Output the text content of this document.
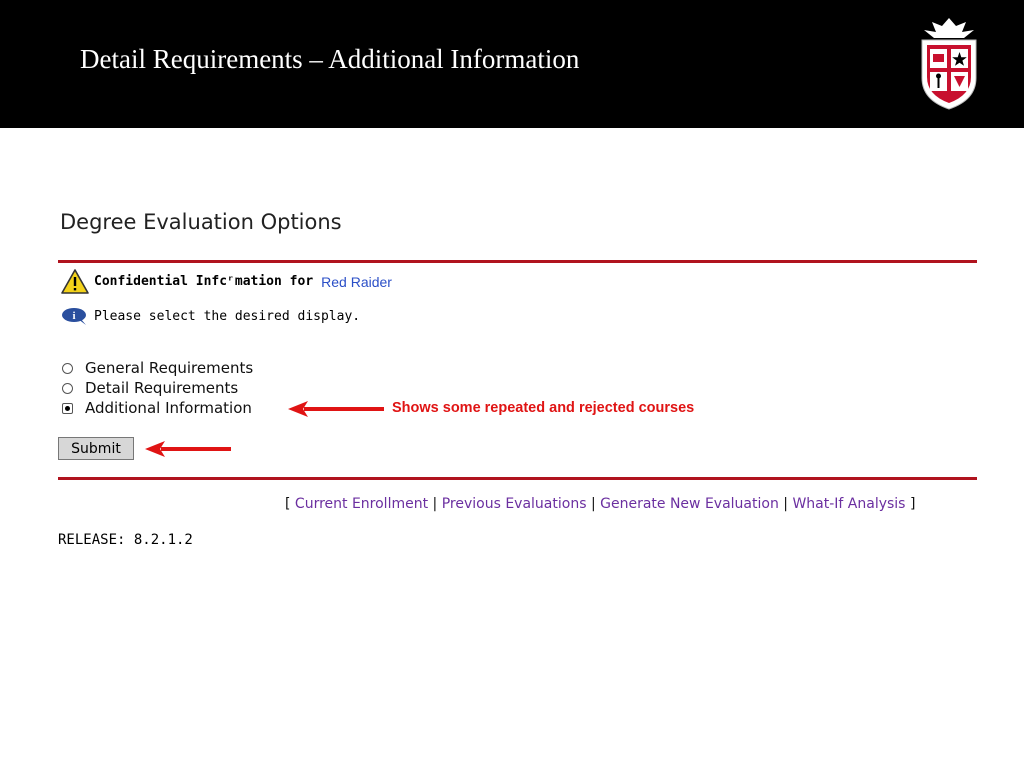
Detail Requirements – Additional Information
Degree Evaluation Options
Confidential Infcʳmation for Red Raider
i Please select the desired display.
General Requirements
Detail Requirements
Additional Information	Shows some repeated and rejected courses
Submit
[ Current Enrollment | Previous Evaluations | Generate New Evaluation | What-If Analysis ]
RELEASE: 8.2.1.2
